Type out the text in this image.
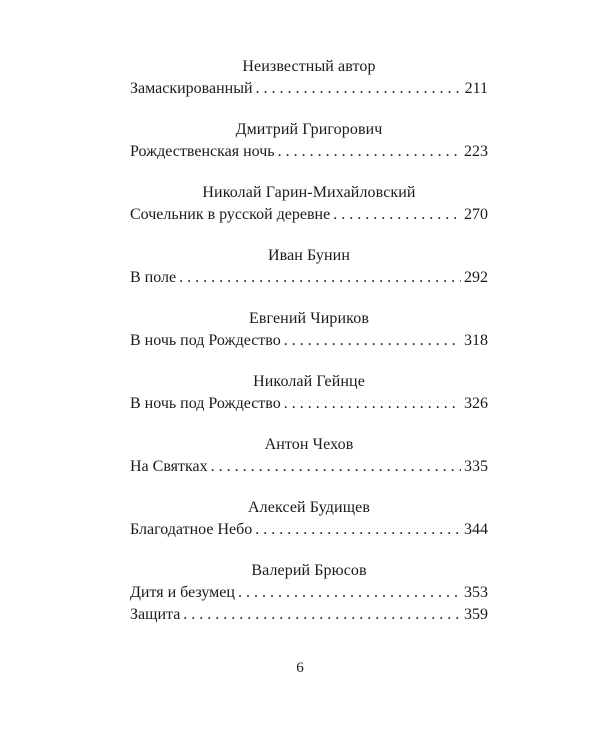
Неизвестный автор
Замаскированный . . .	211
Дмитрий Григорович
Рождественская ночь . . .	223
Николай Гарин-Михайловский
Сочельник в русской деревне . . .	270
Иван Бунин
В поле . . .	292
Евгений Чириков
В ночь под Рождество . . .	318
Николай Гейнце
В ночь под Рождество . . .	326
Антон Чехов
На Святках . . .	335
Алексей Будищев
Благодатное Небо . . .	344
Валерий Брюсов
Дитя и безумец . . .	353
Защита . . .	359
6
